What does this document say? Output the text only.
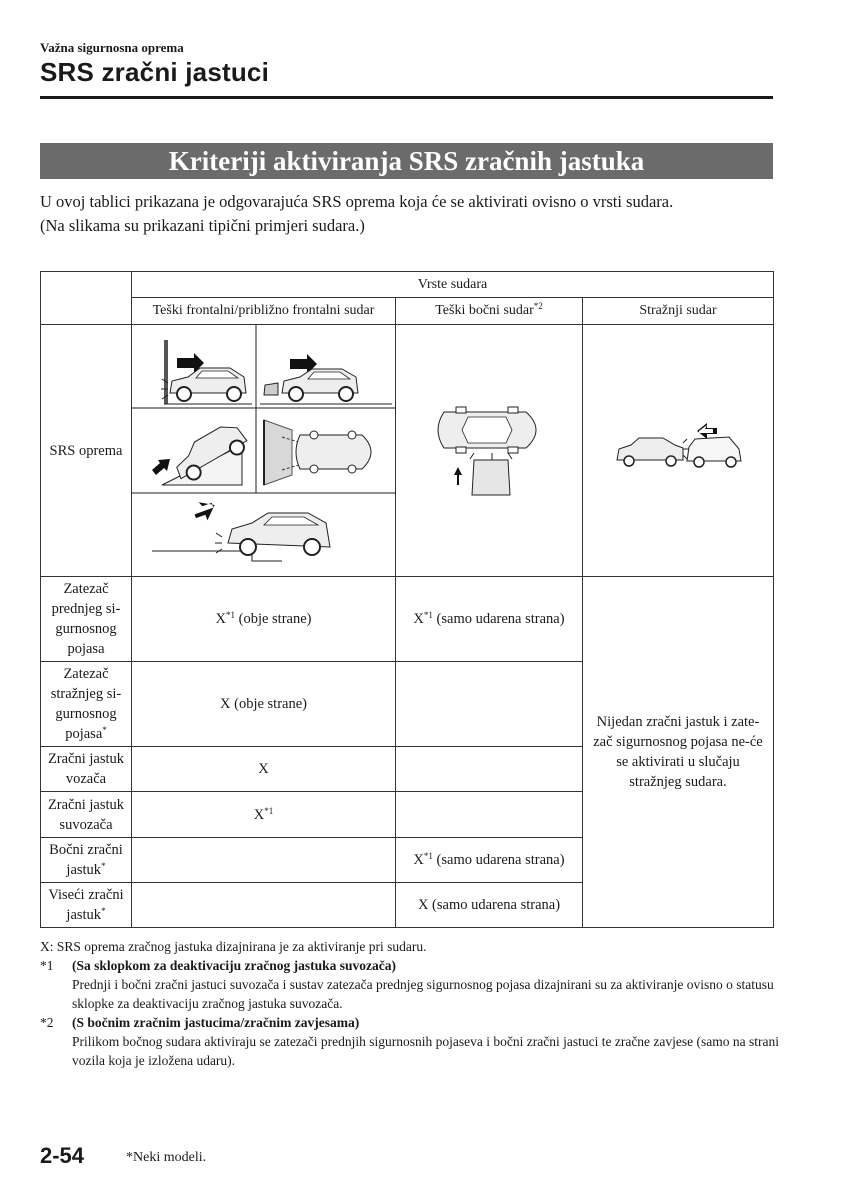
Važna sigurnosna oprema
SRS zračni jastuci
Kriteriji aktiviranja SRS zračnih jastuka

U ovoj tablici prikazana je odgovarajuća SRS oprema koja će se aktivirati ovisno o vrsti sudara.

(Na slikama su prikazani tipični primjeri sudara.)

	Vrste sudara		
	Teški frontalni/približno frontalni sudar	Teški bočni sudar$^{*2}$	Stražnji sudar
SRS oprema	

Zatezač prednjeg si-gurnosnog pojasa	$X^{*1}$ (obje strane)	$X^{*1}$ (samo udarena strana)	Nijedan zračni jastuk i zate-zač sigurnosnog pojasa ne-će se aktivirati u slučaju stražnjeg sudara.
Zatezač stražnjeg si-gurnosnog pojasa*	X (obje strane)		
Zračni jastuk vozača	X		
Zračni jastuk suvozača	$X^{*1}$	
Bočni zračni jastuk*		$X^{*1}$ (samo udarena strana)	
Viseći zračni jastuk*		X (samo udarena strana)	
X: SRS oprema zračnog jastuka dizajnirana je za aktiviranje pri sudaru.
*1 (Sa sklopkom za deaktivaciju zračnog jastuka suvozača)
Prednji i bočni zračni jastuci suvozača i sustav zatezača prednjeg sigurnosnog pojasa dizajnirani su za aktiviranje ovisno o statusu sklopke za deaktivaciju zračnog jastuka suvozača.
*2 (S bočnim zračnim jastucima/zračnim zavjesama)
Prilikom bočnog sudara aktiviraju se zatezači prednjih sigurnosnih pojaseva i bočni zračni jastuci te zračne zavjese (samo na strani vozila koja je izložena udaru).
2-54	*Neki modeli.
